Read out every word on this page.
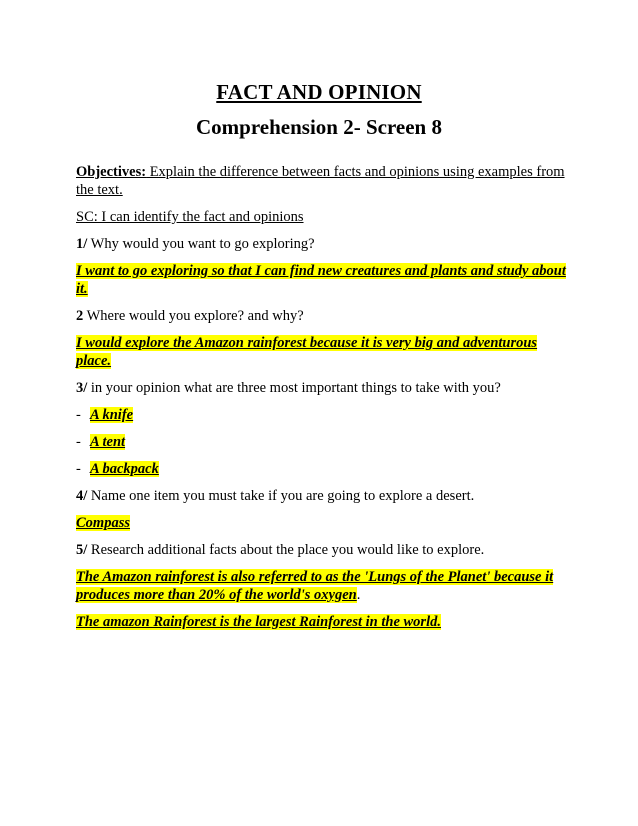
FACT AND OPINION
Comprehension 2- Screen 8

Objectives: Explain the difference between facts and opinions using examples from the text.

SC: I can identify the fact and opinions

1/ Why would you want to go exploring?

I want to go exploring so that I can find new creatures and plants and study about it.

2 Where would you explore? and why?

I would explore the Amazon rainforest because it is very big and adventurous place.

3/ in your opinion what are three most important things to take with you?

- A knife

- A tent

- A backpack

4/ Name one item you must take if you are going to explore a desert.

Compass

5/ Research additional facts about the place you would like to explore.

The Amazon rainforest is also referred to as the 'Lungs of the Planet' because it produces more than 20% of the world's oxygen.

The amazon Rainforest is the largest Rainforest in the world.
